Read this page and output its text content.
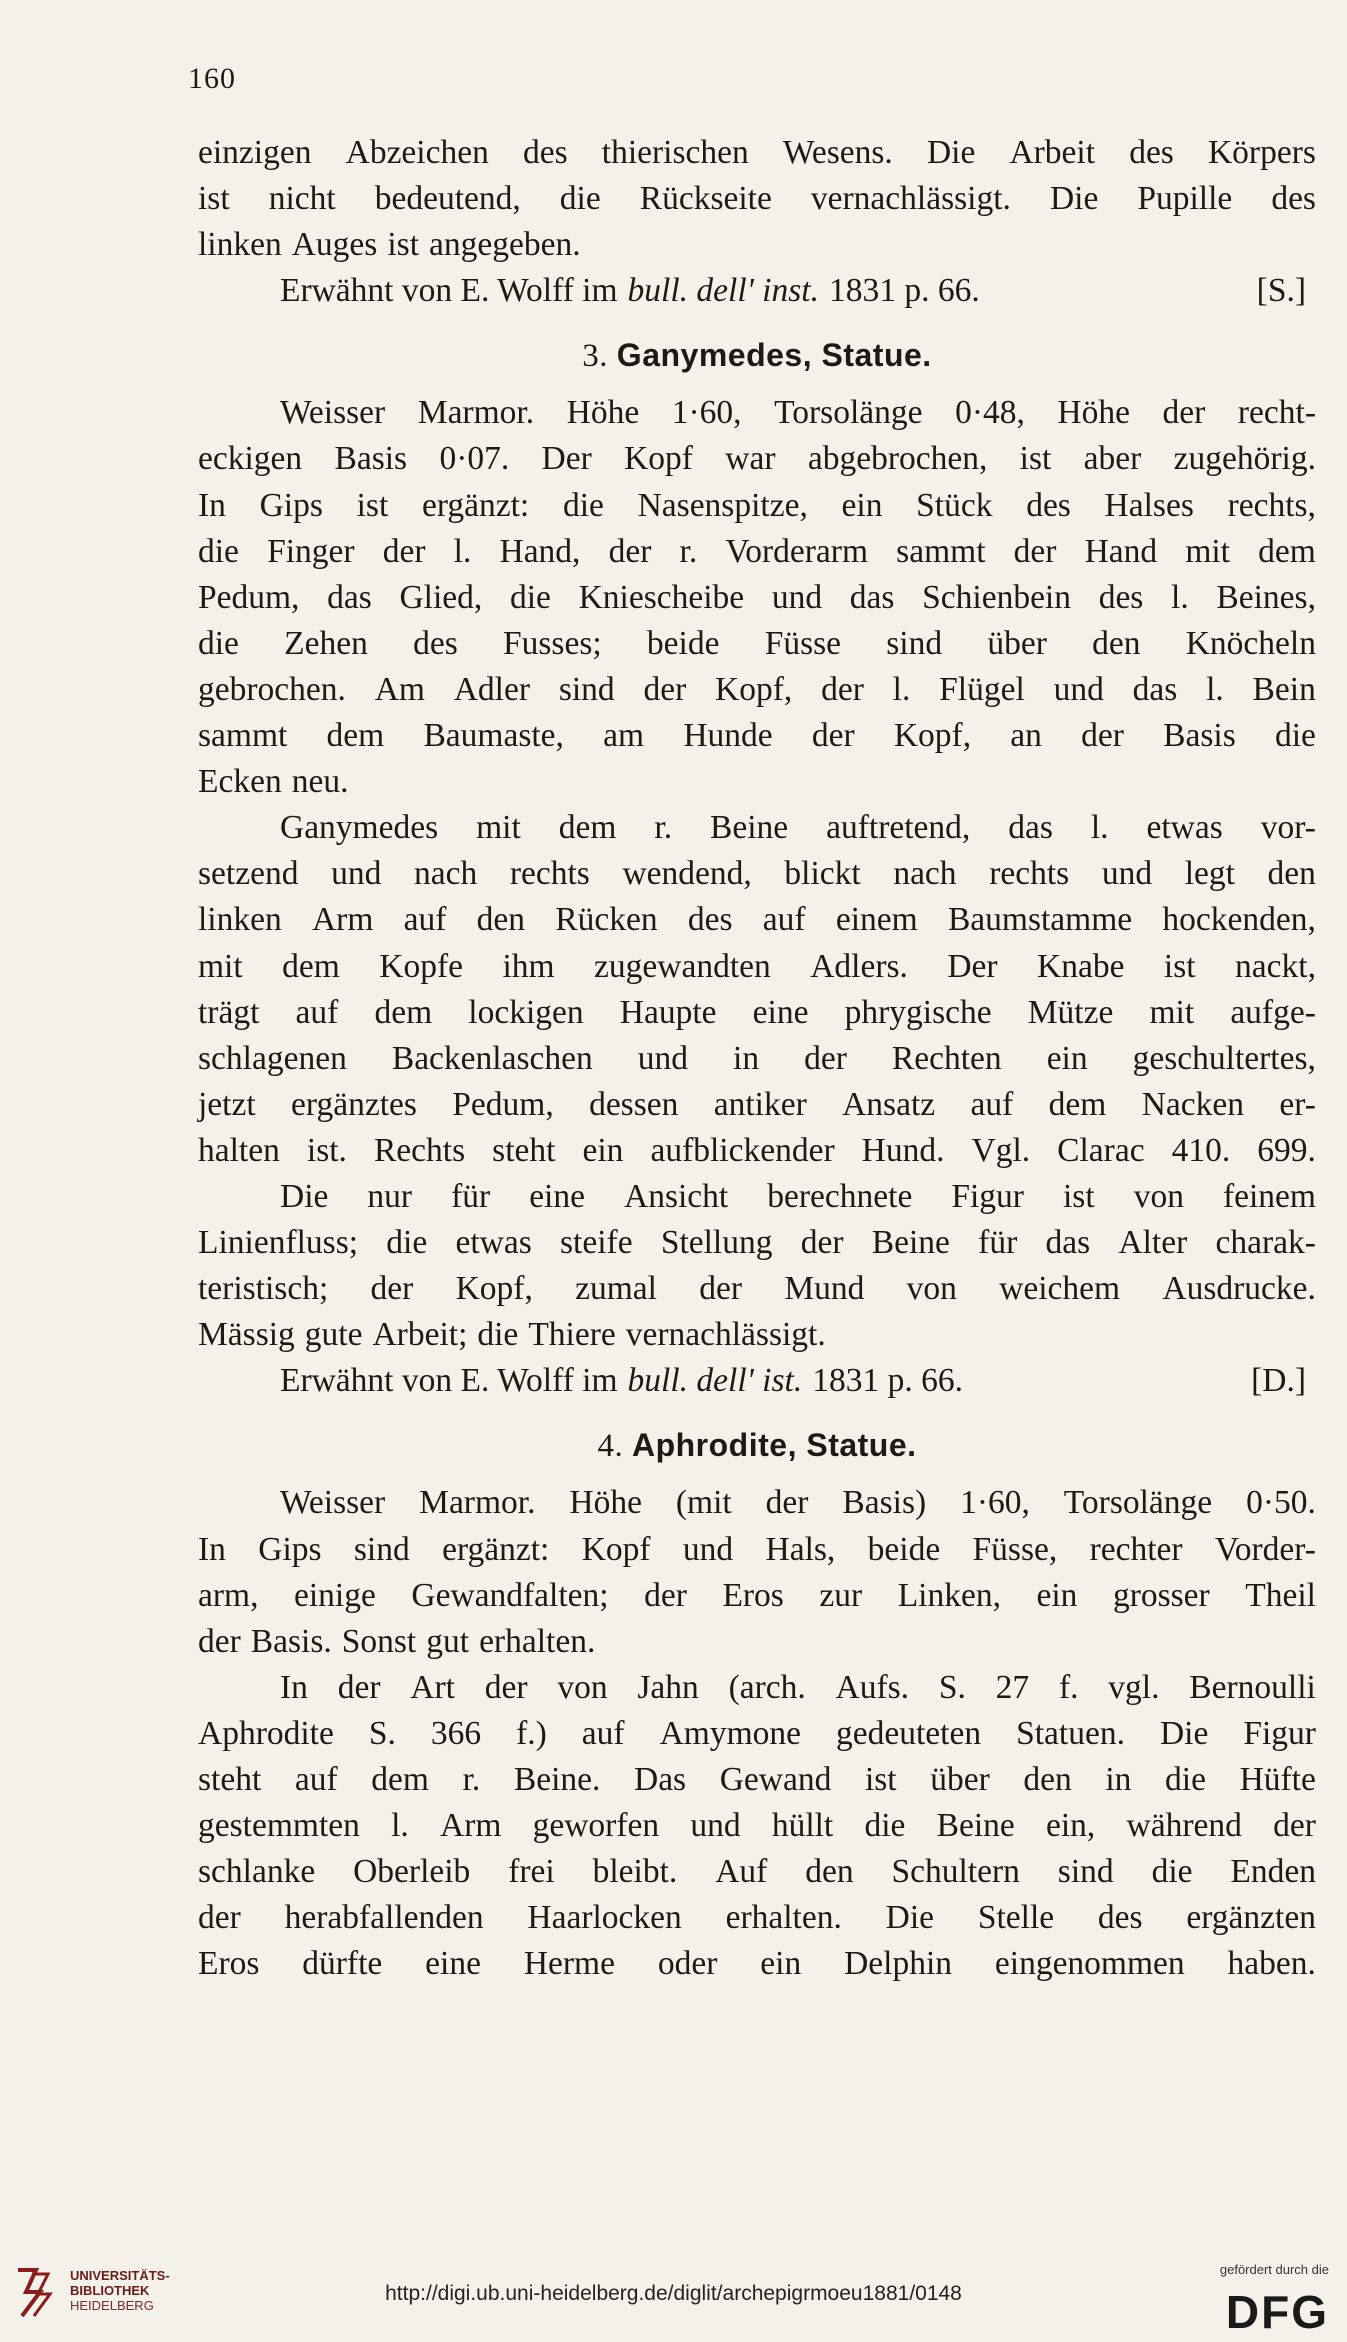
160
einzigen Abzeichen des thierischen Wesens. Die Arbeit des Körpers
ist nicht bedeutend, die Rückseite vernachlässigt. Die Pupille des
linken Auges ist angegeben.
Erwähnt von E. Wolff im bull. dell' inst. 1831 p. 66.	[S.]
3. Ganymedes, Statue.
Weisser Marmor. Höhe 1·60, Torsolänge 0·48, Höhe der recht-
eckigen Basis 0·07. Der Kopf war abgebrochen, ist aber zugehörig.
In Gips ist ergänzt: die Nasenspitze, ein Stück des Halses rechts,
die Finger der l. Hand, der r. Vorderarm sammt der Hand mit dem
Pedum, das Glied, die Kniescheibe und das Schienbein des l. Beines,
die Zehen des Fusses; beide Füsse sind über den Knöcheln
gebrochen. Am Adler sind der Kopf, der l. Flügel und das l. Bein
sammt dem Baumaste, am Hunde der Kopf, an der Basis die
Ecken neu.
Ganymedes mit dem r. Beine auftretend, das l. etwas vor-
setzend und nach rechts wendend, blickt nach rechts und legt den
linken Arm auf den Rücken des auf einem Baumstamme hockenden,
mit dem Kopfe ihm zugewandten Adlers. Der Knabe ist nackt,
trägt auf dem lockigen Haupte eine phrygische Mütze mit aufge-
schlagenen Backenlaschen und in der Rechten ein geschultertes,
jetzt ergänztes Pedum, dessen antiker Ansatz auf dem Nacken er-
halten ist. Rechts steht ein aufblickender Hund. Vgl. Clarac 410. 699.
Die nur für eine Ansicht berechnete Figur ist von feinem
Linienfluss; die etwas steife Stellung der Beine für das Alter charak-
teristisch; der Kopf, zumal der Mund von weichem Ausdrucke.
Mässig gute Arbeit; die Thiere vernachlässigt.
Erwähnt von E. Wolff im bull. dell' ist. 1831 p. 66.	[D.]
4. Aphrodite, Statue.
Weisser Marmor. Höhe (mit der Basis) 1·60, Torsolänge 0·50.
In Gips sind ergänzt: Kopf und Hals, beide Füsse, rechter Vorder-
arm, einige Gewandfalten; der Eros zur Linken, ein grosser Theil
der Basis. Sonst gut erhalten.
In der Art der von Jahn (arch. Aufs. S. 27 f. vgl. Bernoulli
Aphrodite S. 366 f.) auf Amymone gedeuteten Statuen. Die Figur
steht auf dem r. Beine. Das Gewand ist über den in die Hüfte
gestemmten l. Arm geworfen und hüllt die Beine ein, während der
schlanke Oberleib frei bleibt. Auf den Schultern sind die Enden
der herabfallenden Haarlocken erhalten. Die Stelle des ergänzten
Eros dürfte eine Herme oder ein Delphin eingenommen haben.
UNIVERSITÄTS-
BIBLIOTHEK
HEIDELBERG
http://digi.ub.uni-heidelberg.de/diglit/archepigrmoeu1881/0148
gefördert durch die
DFG
